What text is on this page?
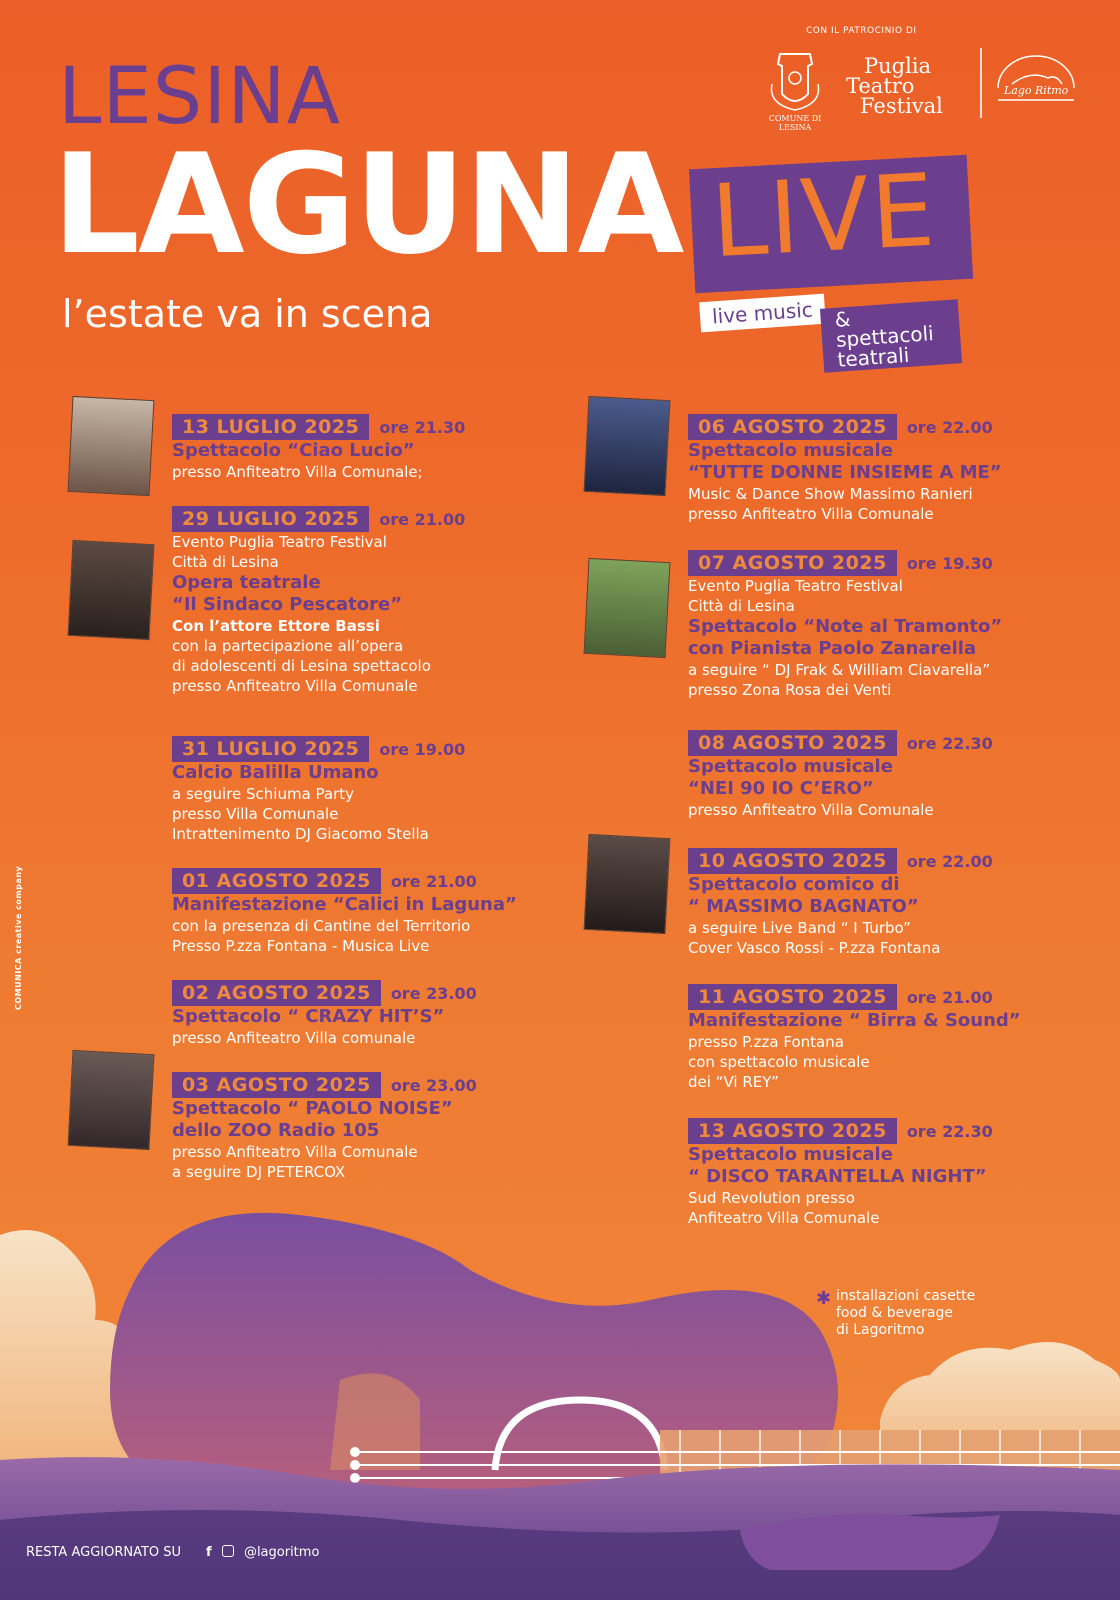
LESINA
LAGUNA LIVE
l’estate va in scena	live music	& spettacoli teatrali
CON IL PATROCINIO DI
COMUNE DI LESINA
Puglia
Teatro
Festival
Lago Ritmo
13 LUGLIO 2025 ore 21.30
Spettacolo “Ciao Lucio”
presso Anfiteatro Villa Comunale;
29 LUGLIO 2025 ore 21.00
Evento Puglia Teatro Festival
Città di Lesina
Opera teatrale
“Il Sindaco Pescatore”
Con l’attore Ettore Bassi
con la partecipazione all’opera
di adolescenti di Lesina spettacolo
presso Anfiteatro Villa Comunale
31 LUGLIO 2025 ore 19.00
Calcio Balilla Umano
a seguire Schiuma Party
presso Villa Comunale
Intrattenimento DJ Giacomo Stella
01 AGOSTO 2025 ore 21.00
Manifestazione “Calici in Laguna”
con la presenza di Cantine del Territorio
Presso P.zza Fontana - Musica Live
02 AGOSTO 2025 ore 23.00
Spettacolo “ CRAZY HIT’S”
presso Anfiteatro Villa comunale
03 AGOSTO 2025 ore 23.00
Spettacolo “ PAOLO NOISE”
dello ZOO Radio 105
presso Anfiteatro Villa Comunale
a seguire DJ PETERCOX
06 AGOSTO 2025 ore 22.00
Spettacolo musicale
“TUTTE DONNE INSIEME A ME”
Music & Dance Show Massimo Ranieri
presso Anfiteatro Villa Comunale
07 AGOSTO 2025 ore 19.30
Evento Puglia Teatro Festival
Città di Lesina
Spettacolo “Note al Tramonto”
con Pianista Paolo Zanarella
a seguire “ DJ Frak & William Ciavarella”
presso Zona Rosa dei Venti
08 AGOSTO 2025 ore 22.30
Spettacolo musicale
“NEI 90 IO C’ERO”
presso Anfiteatro Villa Comunale
10 AGOSTO 2025 ore 22.00
Spettacolo comico di
“ MASSIMO BAGNATO”
a seguire Live Band “ I Turbo”
Cover Vasco Rossi - P.zza Fontana
11 AGOSTO 2025 ore 21.00
Manifestazione “ Birra & Sound”
presso P.zza Fontana
con spettacolo musicale
dei “Vi REY”
13 AGOSTO 2025 ore 22.30
Spettacolo musicale
“ DISCO TARANTELLA NIGHT”
Sud Revolution presso
Anfiteatro Villa Comunale
✱ installazioni casette
food & beverage
di Lagoritmo
RESTA AGGIORNATO SU f @lagoritmo
COMUNICA creative company
